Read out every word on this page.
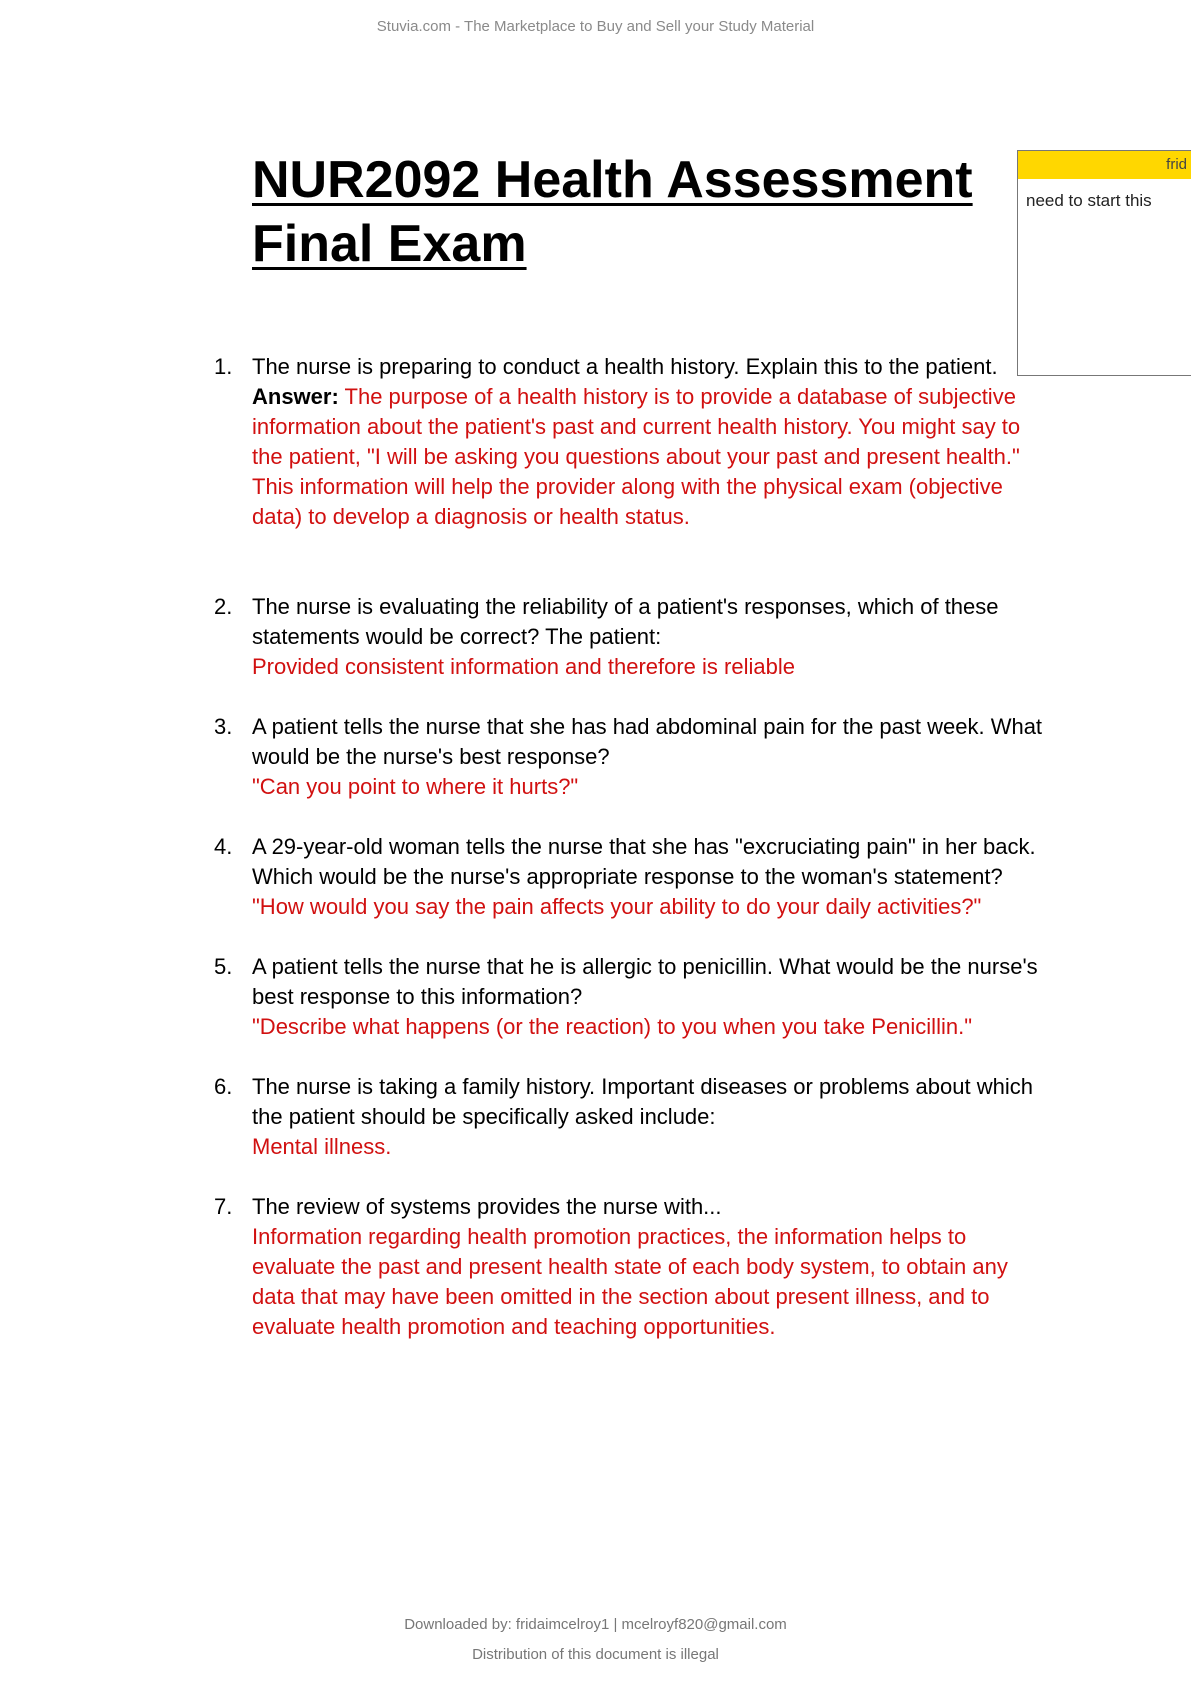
Stuvia.com - The Marketplace to Buy and Sell your Study Material
NUR2092 Health Assessment
Final Exam
frid
need to start this
1. The nurse is preparing to conduct a health history. Explain this to the patient.
Answer: The purpose of a health history is to provide a database of subjective information about the patient's past and current health history. You might say to the patient, "I will be asking you questions about your past and present health." This information will help the provider along with the physical exam (objective data) to develop a diagnosis or health status.
2. The nurse is evaluating the reliability of a patient's responses, which of these statements would be correct? The patient:
Provided consistent information and therefore is reliable
3. A patient tells the nurse that she has had abdominal pain for the past week. What would be the nurse's best response?
"Can you point to where it hurts?"
4. A 29-year-old woman tells the nurse that she has "excruciating pain" in her back. Which would be the nurse's appropriate response to the woman's statement?
"How would you say the pain affects your ability to do your daily activities?"
5. A patient tells the nurse that he is allergic to penicillin. What would be the nurse's best response to this information?
"Describe what happens (or the reaction) to you when you take Penicillin."
6. The nurse is taking a family history. Important diseases or problems about which the patient should be specifically asked include:
Mental illness.
7. The review of systems provides the nurse with...
Information regarding health promotion practices, the information helps to evaluate the past and present health state of each body system, to obtain any data that may have been omitted in the section about present illness, and to evaluate health promotion and teaching opportunities.
Downloaded by: fridaimcelroy1 | mcelroyf820@gmail.com
Distribution of this document is illegal
